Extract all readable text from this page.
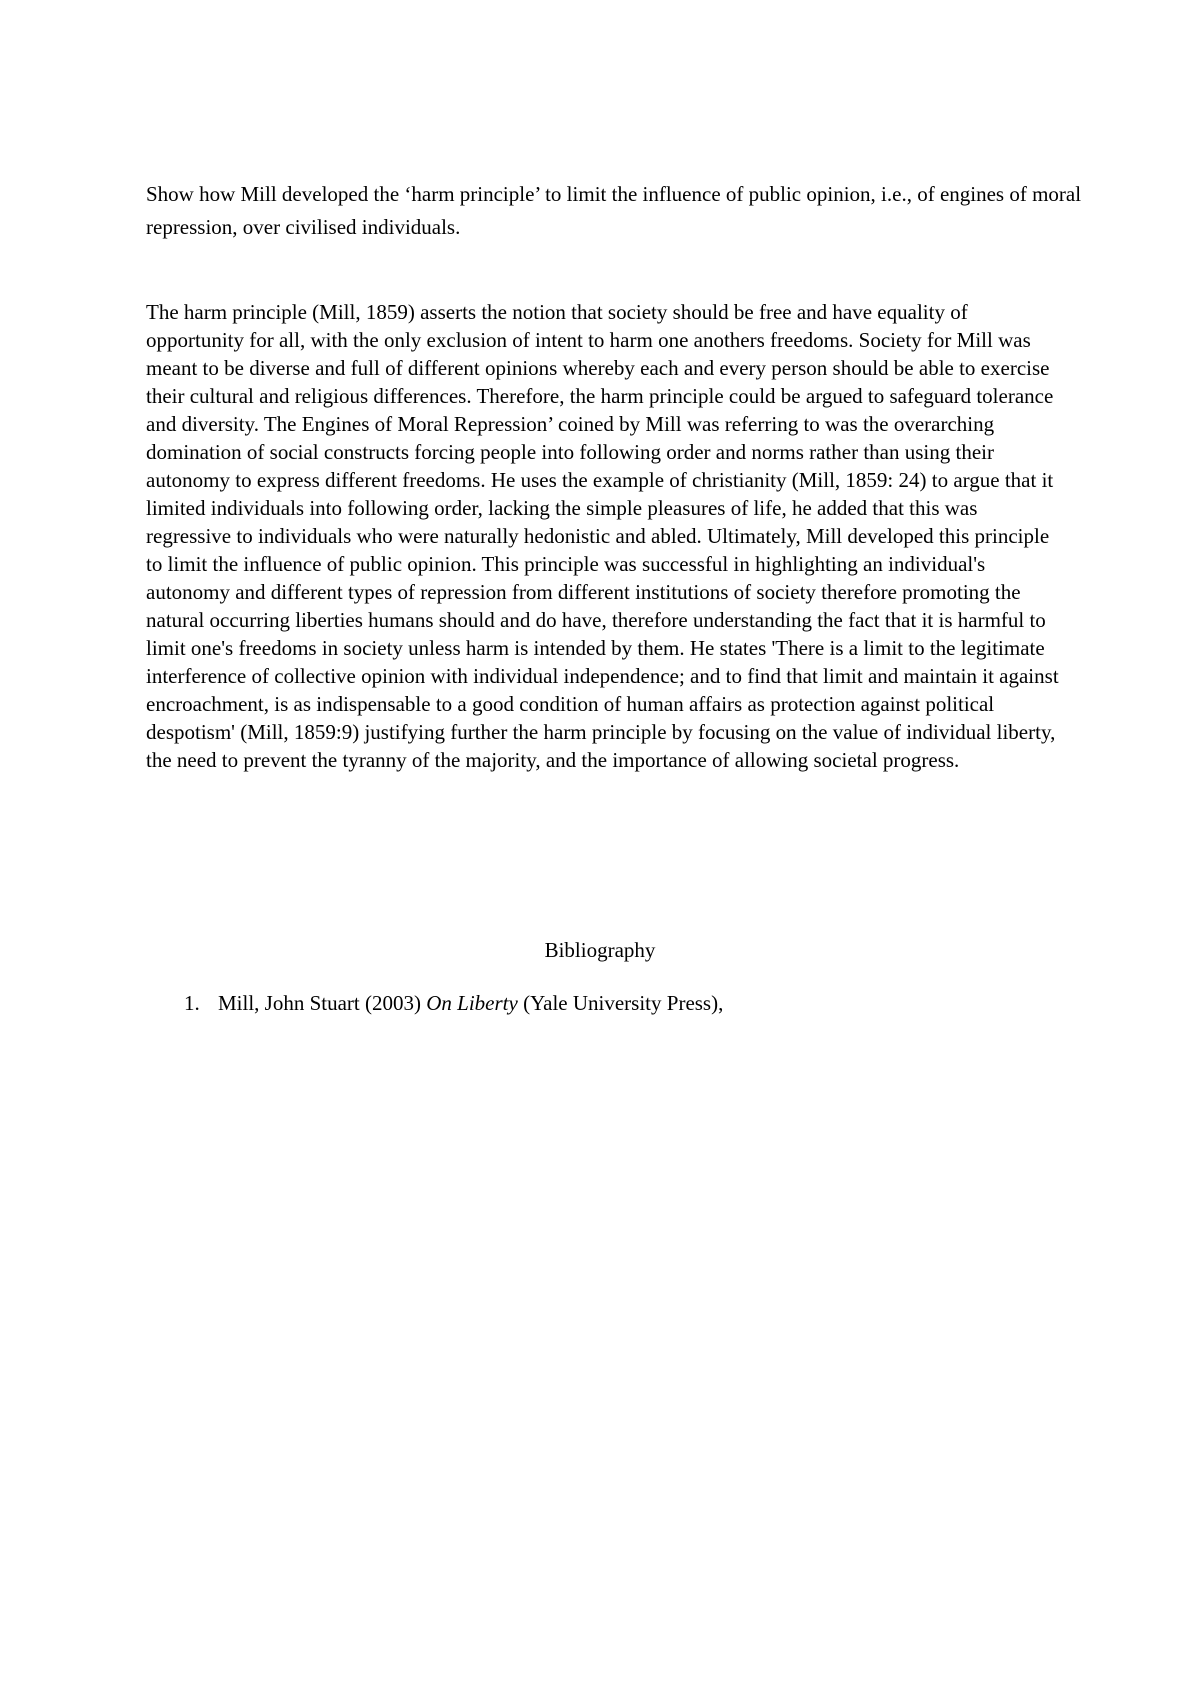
Show how Mill developed the ‘harm principle’ to limit the influence of public opinion, i.e., of engines of moral repression, over civilised individuals.

The harm principle (Mill, 1859) asserts the notion that society should be free and have equality of opportunity for all, with the only exclusion of intent to harm one anothers freedoms. Society for Mill was meant to be diverse and full of different opinions whereby each and every person should be able to exercise their cultural and religious differences. Therefore, the harm principle could be argued to safeguard tolerance and diversity. The Engines of Moral Repression’ coined by Mill was referring to was the overarching domination of social constructs forcing people into following order and norms rather than using their autonomy to express different freedoms. He uses the example of christianity (Mill, 1859: 24) to argue that it limited individuals into following order, lacking the simple pleasures of life, he added that this was regressive to individuals who were naturally hedonistic and abled. Ultimately, Mill developed this principle to limit the influence of public opinion. This principle was successful in highlighting an individual's autonomy and different types of repression from different institutions of society therefore promoting the natural occurring liberties humans should and do have, therefore understanding the fact that it is harmful to limit one's freedoms in society unless harm is intended by them. He states 'There is a limit to the legitimate interference of collective opinion with individual independence; and to find that limit and maintain it against encroachment, is as indispensable to a good condition of human affairs as protection against political despotism' (Mill, 1859:9) justifying further the harm principle by focusing on the value of individual liberty, the need to prevent the tyranny of the majority, and the importance of allowing societal progress.

Bibliography

1. Mill, John Stuart (2003) On Liberty (Yale University Press),
